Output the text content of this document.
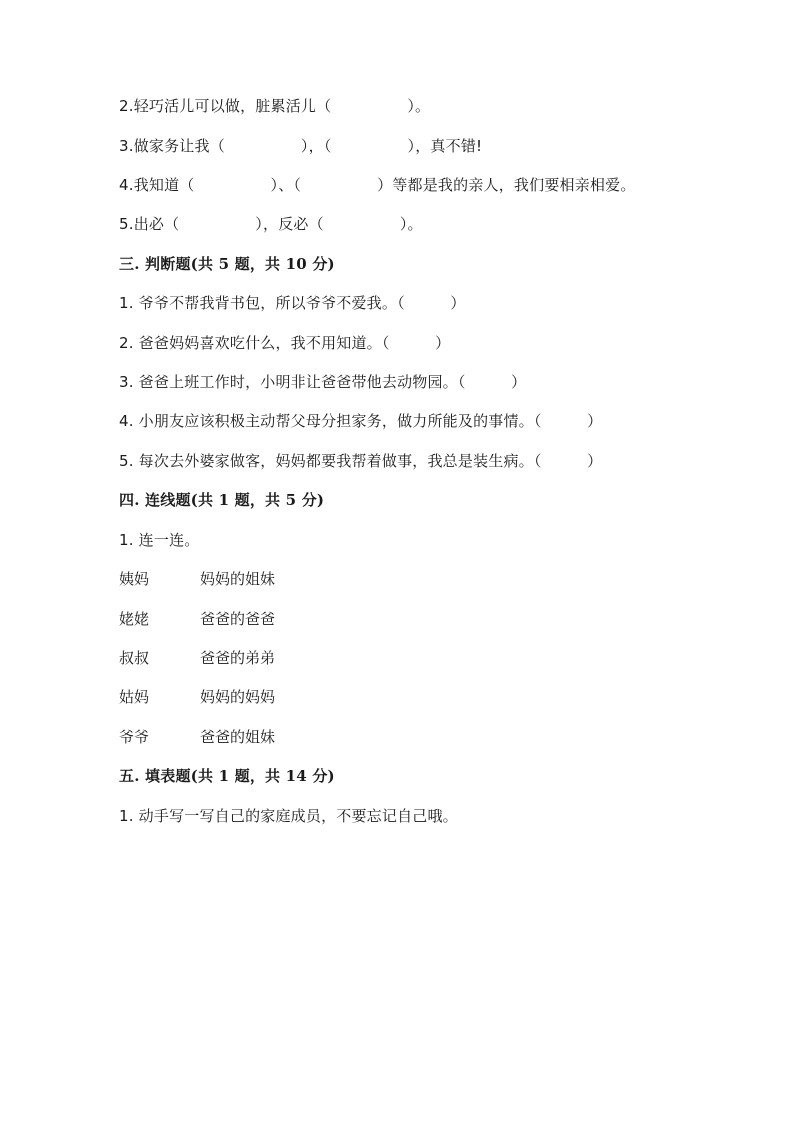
2.轻巧活儿可以做，脏累活儿（　　　　　）。
3.做家务让我（　　　　　），（　　　　　），真不错!
4.我知道（　　　　　）、（　　　　　）等都是我的亲人，我们要相亲相爱。
5.出必（　　　　　），反必（　　　　　）。
三. 判断题(共 5 题，共 10 分)
1. 爷爷不帮我背书包，所以爷爷不爱我。（　　　）
2. 爸爸妈妈喜欢吃什么，我不用知道。（　　　）
3. 爸爸上班工作时，小明非让爸爸带他去动物园。（　　　）
4. 小朋友应该积极主动帮父母分担家务，做力所能及的事情。（　　　）
5. 每次去外婆家做客，妈妈都要我帮着做事，我总是装生病。（　　　）
四. 连线题(共 1 题，共 5 分)
1. 连一连。
姨妈	妈妈的姐妹
姥姥	爸爸的爸爸
叔叔	爸爸的弟弟
姑妈	妈妈的妈妈
爷爷	爸爸的姐妹
五. 填表题(共 1 题，共 14 分)
1. 动手写一写自己的家庭成员，不要忘记自己哦。
